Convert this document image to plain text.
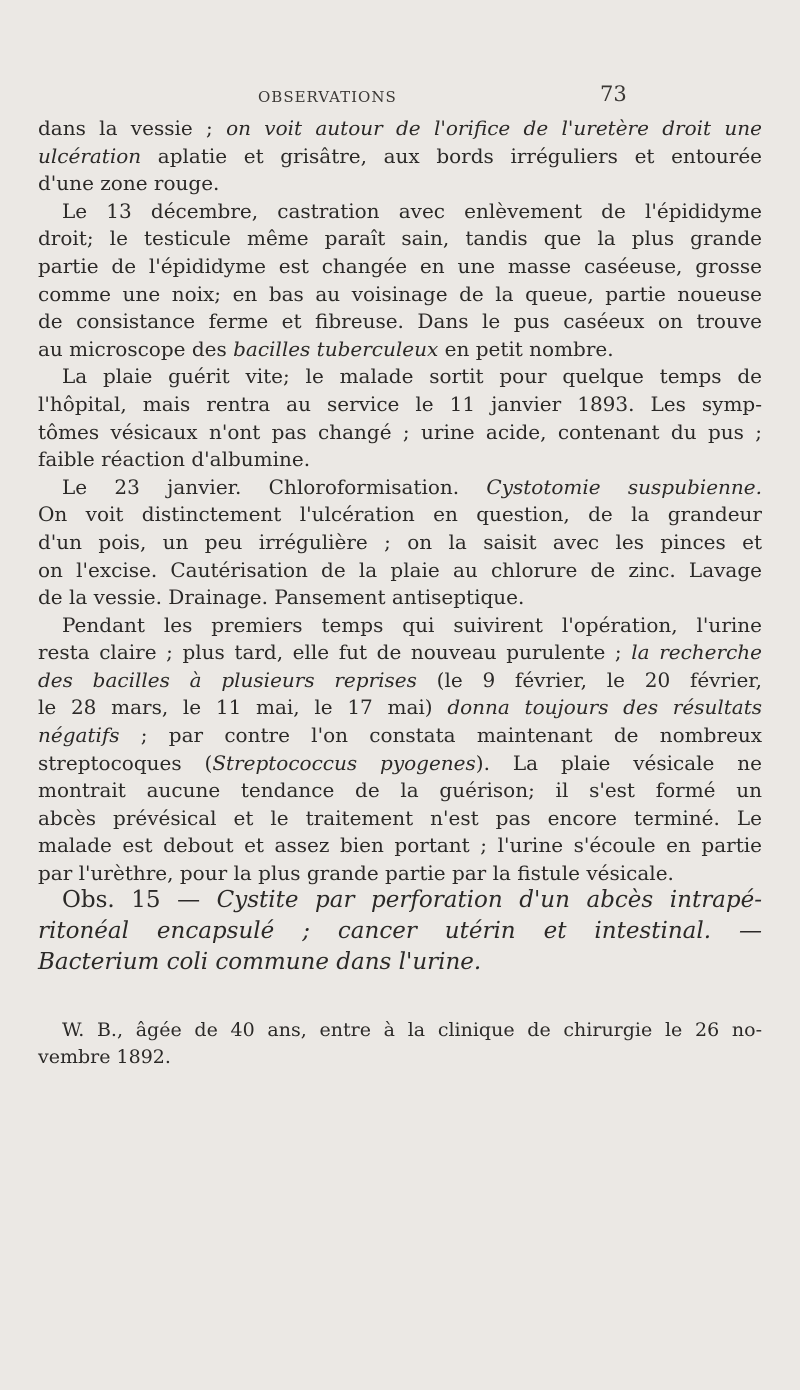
OBSERVATIONS	73

dans la vessie ; on voit autour de l'orifice de l'uretère droit une
ulcération aplatie et grisâtre, aux bords irréguliers et entourée
d'une zone rouge.

Le 13 décembre, castration avec enlèvement de l'épididyme
droit; le testicule même paraît sain, tandis que la plus grande
partie de l'épididyme est changée en une masse caséeuse, grosse
comme une noix; en bas au voisinage de la queue, partie noueuse
de consistance ferme et fibreuse. Dans le pus caséeux on trouve
au microscope des bacilles tuberculeux en petit nombre.

La plaie guérit vite; le malade sortit pour quelque temps de
l'hôpital, mais rentra au service le 11 janvier 1893. Les symp-
tômes vésicaux n'ont pas changé ; urine acide, contenant du pus ;
faible réaction d'albumine.

Le 23 janvier. Chloroformisation. Cystotomie suspubienne.
On voit distinctement l'ulcération en question, de la grandeur
d'un pois, un peu irrégulière ; on la saisit avec les pinces et
on l'excise. Cautérisation de la plaie au chlorure de zinc. Lavage
de la vessie. Drainage. Pansement antiseptique.

Pendant les premiers temps qui suivirent l'opération, l'urine
resta claire ; plus tard, elle fut de nouveau purulente ; la recherche
des bacilles à plusieurs reprises (le 9 février, le 20 février,
le 28 mars, le 11 mai, le 17 mai) donna toujours des résultats
négatifs ; par contre l'on constata maintenant de nombreux
streptocoques (Streptococcus pyogenes). La plaie vésicale ne
montrait aucune tendance de la guérison; il s'est formé un
abcès prévésical et le traitement n'est pas encore terminé. Le
malade est debout et assez bien portant ; l'urine s'écoule en partie
par l'urèthre, pour la plus grande partie par la fistule vésicale.

Obs. 15 — Cystite par perforation d'un abcès intrapé-
ritonéal encapsulé ; cancer utérin et intestinal. —
Bacterium coli commune dans l'urine.

W. B., âgée de 40 ans, entre à la clinique de chirurgie le 26 no-
vembre 1892.
